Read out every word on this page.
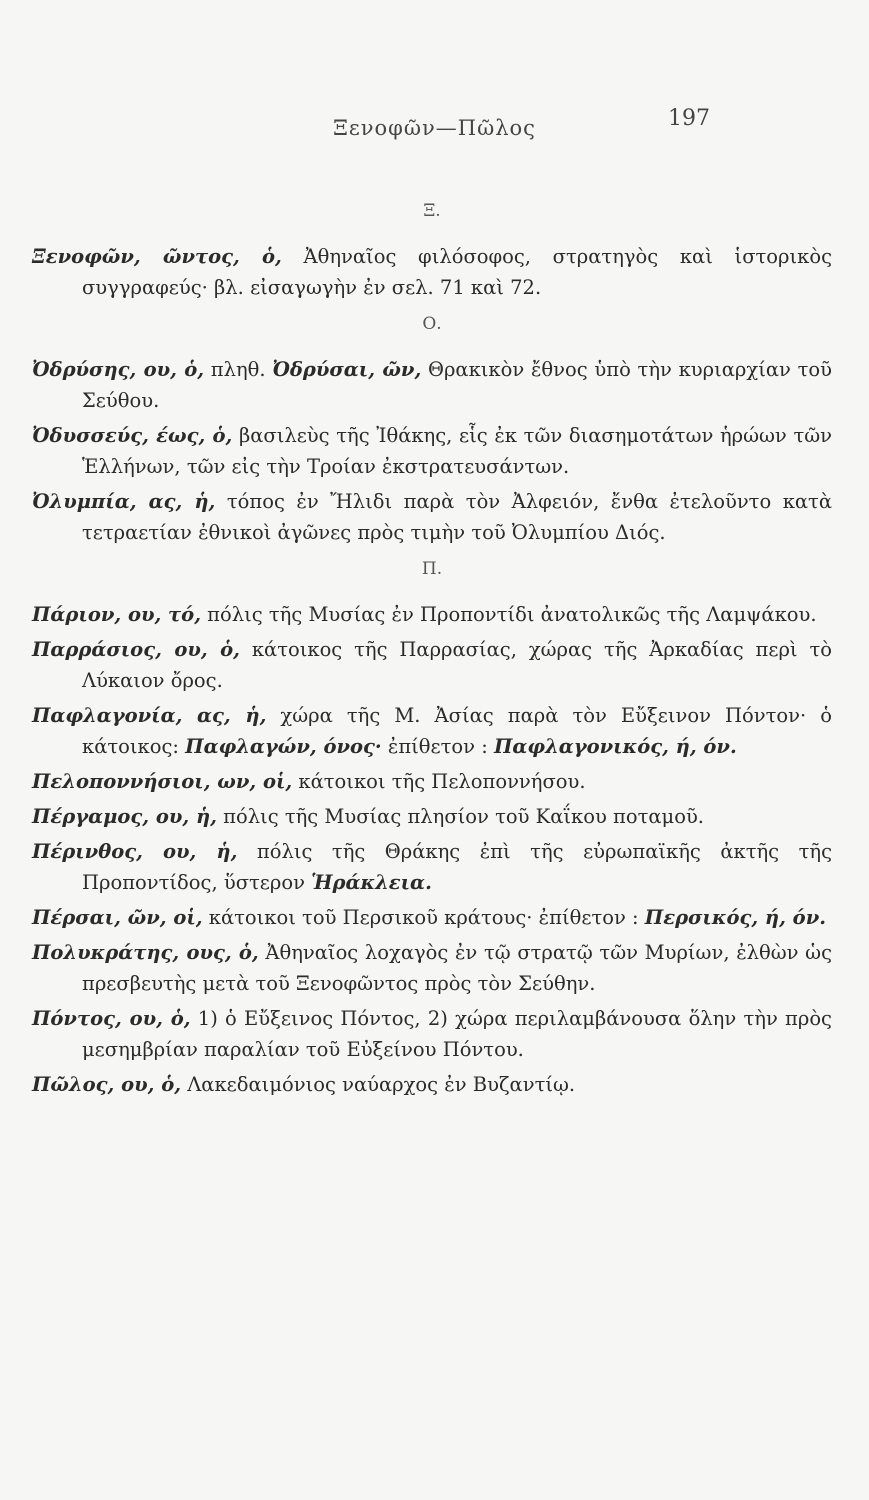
Ξενοφῶν—Πῶλος	197
Ξ.

Ξενοφῶν, ῶντος, ὁ, Ἀθηναῖος φιλόσοφος, στρατηγὸς καὶ ἱστορικὸς συγγραφεύς· βλ. εἰσαγωγὴν ἐν σελ. 71 καὶ 72.

Ο.

Ὀδρύσης, ου, ὁ, πληθ. Ὀδρύσαι, ῶν, Θρακικὸν ἔθνος ὑπὸ τὴν κυριαρχίαν τοῦ Σεύθου.

Ὀδυσσεύς, έως, ὁ, βασιλεὺς τῆς Ἰθάκης, εἷς ἐκ τῶν διασημοτάτων ἡρώων τῶν Ἑλλήνων, τῶν εἰς τὴν Τροίαν ἐκστρατευσάντων.

Ὀλυμπία, ας, ἡ, τόπος ἐν Ἤλιδι παρὰ τὸν Ἀλφειόν, ἔνθα ἐτελοῦντο κατὰ τετραετίαν ἐθνικοὶ ἀγῶνες πρὸς τιμὴν τοῦ Ὀλυμπίου Διός.

Π.

Πάριον, ου, τό, πόλις τῆς Μυσίας ἐν Προποντίδι ἀνατολικῶς τῆς Λαμψάκου.

Παρράσιος, ου, ὁ, κάτοικος τῆς Παρρασίας, χώρας τῆς Ἀρκαδίας περὶ τὸ Λύκαιον ὄρος.

Παφλαγονία, ας, ἡ, χώρα τῆς Μ. Ἀσίας παρὰ τὸν Εὔξεινον Πόντον· ὁ κάτοικος: Παφλαγών, όνος· ἐπίθετον : Παφλαγονικός, ή, όν.

Πελοποννήσιοι, ων, οἱ, κάτοικοι τῆς Πελοποννήσου.

Πέργαμος, ου, ἡ, πόλις τῆς Μυσίας πλησίον τοῦ Καΐκου ποταμοῦ.

Πέρινθος, ου, ἡ, πόλις τῆς Θράκης ἐπὶ τῆς εὐρωπαϊκῆς ἀκτῆς τῆς Προποντίδος, ὕστερον Ἡράκλεια.

Πέρσαι, ῶν, οἱ, κάτοικοι τοῦ Περσικοῦ κράτους· ἐπίθετον : Περσικός, ή, όν.

Πολυκράτης, ους, ὁ, Ἀθηναῖος λοχαγὸς ἐν τῷ στρατῷ τῶν Μυρίων, ἐλθὼν ὡς πρεσβευτὴς μετὰ τοῦ Ξενοφῶντος πρὸς τὸν Σεύθην.

Πόντος, ου, ὁ, 1) ὁ Εὔξεινος Πόντος, 2) χώρα περιλαμβάνουσα ὅλην τὴν πρὸς μεσημβρίαν παραλίαν τοῦ Εὐξείνου Πόντου.

Πῶλος, ου, ὁ, Λακεδαιμόνιος ναύαρχος ἐν Βυζαντίῳ.
